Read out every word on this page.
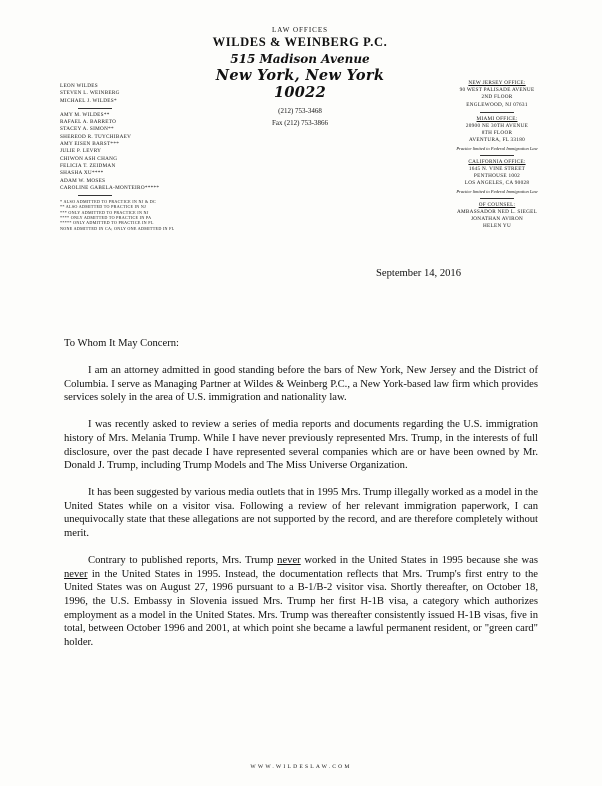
LAW OFFICES
WILDES & WEINBERG P.C.
515 Madison Avenue
New York, New York 10022
(212) 753-3468
Fax (212) 753-3866
LEON WILDES
STEVEN L. WEINBERG
MICHAEL J. WILDES*
AMY M. WILDES**
RAFAEL A. BARRETO
STACEY A. SIMON**
SHEREOD R. TUYCHIBAEV
AMY EISEN BARST***
JULIE P. LEVRY
CHIWON ASH CHANG
FELICIA T. ZEIDMAN
SHASHA XU****
ADAM W. MOSES
CAROLINE GABELA-MONTEIRO*****
* ALSO ADMITTED TO PRACTICE IN NJ & DC
** ALSO ADMITTED TO PRACTICE IN NJ
*** ONLY ADMITTED TO PRACTICE IN NJ
**** ONLY ADMITTED TO PRACTICE IN PA
***** ONLY ADMITTED TO PRACTICE IN FL
NONE ADMITTED IN CA; ONLY ONE ADMITTED IN FL
NEW JERSEY OFFICE:
90 WEST PALISADE AVENUE
2ND FLOOR
ENGLEWOOD, NJ 07631
MIAMI OFFICE:
20900 NE 30TH AVENUE
8TH FLOOR
AVENTURA, FL 33180
Practice limited to Federal Immigration Law
CALIFORNIA OFFICE:
1645 N. VINE STREET
PENTHOUSE 1002
LOS ANGELES, CA 90028
Practice limited to Federal Immigration Law
OF COUNSEL:
AMBASSADOR NED L. SIEGEL
JONATHAN AVIRON
HELEN YU
September 14, 2016
To Whom It May Concern:

I am an attorney admitted in good standing before the bars of New York, New Jersey and the District of Columbia. I serve as Managing Partner at Wildes & Weinberg P.C., a New York-based law firm which provides services solely in the area of U.S. immigration and nationality law.

I was recently asked to review a series of media reports and documents regarding the U.S. immigration history of Mrs. Melania Trump. While I have never previously represented Mrs. Trump, in the interests of full disclosure, over the past decade I have represented several companies which are or have been owned by Mr. Donald J. Trump, including Trump Models and The Miss Universe Organization.

It has been suggested by various media outlets that in 1995 Mrs. Trump illegally worked as a model in the United States while on a visitor visa. Following a review of her relevant immigration paperwork, I can unequivocally state that these allegations are not supported by the record, and are therefore completely without merit.

Contrary to published reports, Mrs. Trump never worked in the United States in 1995 because she was never in the United States in 1995. Instead, the documentation reflects that Mrs. Trump's first entry to the United States was on August 27, 1996 pursuant to a B-1/B-2 visitor visa. Shortly thereafter, on October 18, 1996, the U.S. Embassy in Slovenia issued Mrs. Trump her first H-1B visa, a category which authorizes employment as a model in the United States. Mrs. Trump was thereafter consistently issued H-1B visas, five in total, between October 1996 and 2001, at which point she became a lawful permanent resident, or "green card" holder.

WWW.WILDESLAW.COM
